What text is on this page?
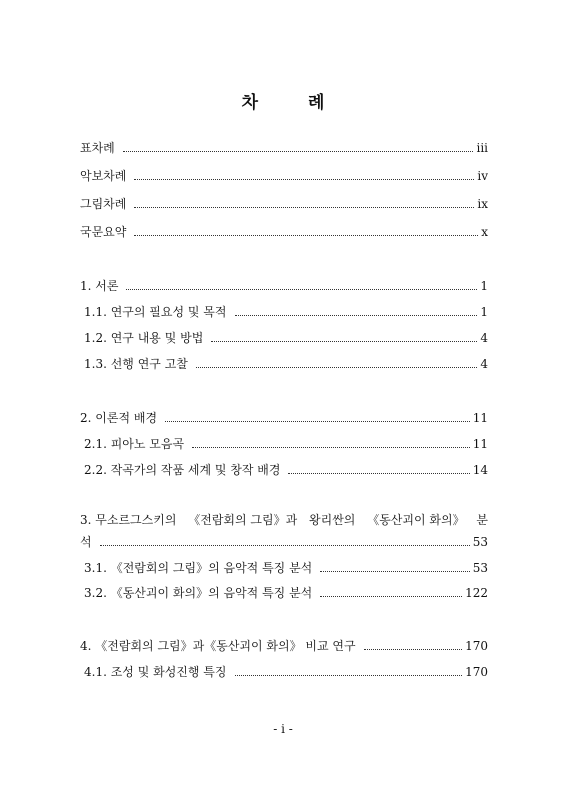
차 례
표차례	iii
악보차례	iv
그림차례	ix
국문요약	x
1. 서론	1
1.1. 연구의 필요성 및 목적	1
1.2. 연구 내용 및 방법	4
1.3. 선행 연구 고찰	4
2. 이론적 배경	11
2.1. 피아노 모음곡	11
2.2. 작곡가의 작품 세계 및 창작 배경	14
3. 무소르그스키의 《전람회의 그림》과 왕리싼의 《동산괴이 화의》 분
석	53
3.1. 《전람회의 그림》의 음악적 특징 분석	53
3.2. 《동산괴이 화의》의 음악적 특징 분석	122
4. 《전람회의 그림》과《동산괴이 화의》 비교 연구	170
4.1. 조성 및 화성진행 특징	170
- i -
